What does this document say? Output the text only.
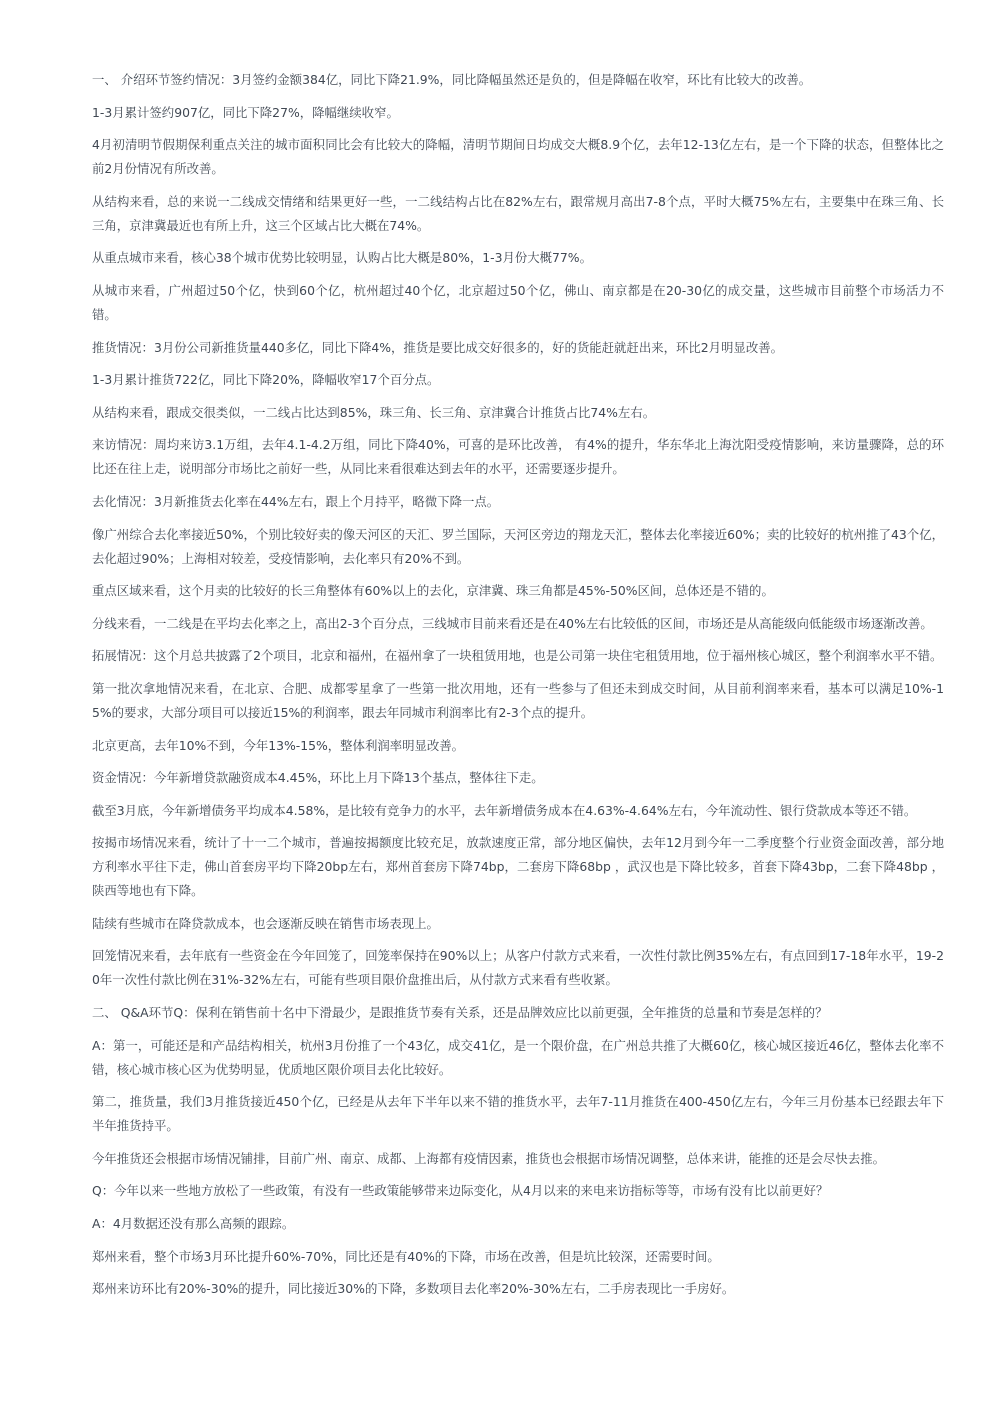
一、 介绍环节签约情况：3月签约金额384亿，同比下降21.9%，同比降幅虽然还是负的，但是降幅在收窄，环比有比较大的改善。

1-3月累计签约907亿，同比下降27%，降幅继续收窄。

4月初清明节假期保利重点关注的城市面积同比会有比较大的降幅，清明节期间日均成交大概8.9个亿，去年12-13亿左右，是一个下降的状态，但整体比之前2月份情况有所改善。

从结构来看，总的来说一二线成交情绪和结果更好一些，一二线结构占比在82%左右，跟常规月高出7-8个点，平时大概75%左右，主要集中在珠三角、长三角，京津冀最近也有所上升，这三个区域占比大概在74%。

从重点城市来看，核心38个城市优势比较明显，认购占比大概是80%，1-3月份大概77%。

从城市来看，广州超过50个亿，快到60个亿，杭州超过40个亿，北京超过50个亿，佛山、南京都是在20-30亿的成交量，这些城市目前整个市场活力不错。

推货情况：3月份公司新推货量440多亿，同比下降4%，推货是要比成交好很多的，好的货能赶就赶出来，环比2月明显改善。

1-3月累计推货722亿，同比下降20%，降幅收窄17个百分点。

从结构来看，跟成交很类似，一二线占比达到85%，珠三角、长三角、京津冀合计推货占比74%左右。

来访情况：周均来访3.1万组，去年4.1-4.2万组，同比下降40%，可喜的是环比改善， 有4%的提升，华东华北上海沈阳受疫情影响，来访量骤降，总的环比还在往上走，说明部分市场比之前好一些，从同比来看很难达到去年的水平，还需要逐步提升。

去化情况：3月新推货去化率在44%左右，跟上个月持平，略微下降一点。

像广州综合去化率接近50%，个别比较好卖的像天河区的天汇、罗兰国际，天河区旁边的翔龙天汇，整体去化率接近60%；卖的比较好的杭州推了43个亿，去化超过90%；上海相对较差，受疫情影响，去化率只有20%不到。

重点区域来看，这个月卖的比较好的长三角整体有60%以上的去化，京津冀、珠三角都是45%-50%区间，总体还是不错的。

分线来看，一二线是在平均去化率之上，高出2-3个百分点，三线城市目前来看还是在40%左右比较低的区间，市场还是从高能级向低能级市场逐渐改善。

拓展情况：这个月总共披露了2个项目，北京和福州，在福州拿了一块租赁用地，也是公司第一块住宅租赁用地，位于福州核心城区，整个利润率水平不错。

第一批次拿地情况来看，在北京、合肥、成都零星拿了一些第一批次用地，还有一些参与了但还未到成交时间，从目前利润率来看，基本可以满足10%-15%的要求，大部分项目可以接近15%的利润率，跟去年同城市利润率比有2-3个点的提升。

北京更高，去年10%不到，今年13%-15%，整体利润率明显改善。

资金情况：今年新增贷款融资成本4.45%，环比上月下降13个基点，整体往下走。

截至3月底，今年新增债务平均成本4.58%，是比较有竞争力的水平，去年新增债务成本在4.63%-4.64%左右，今年流动性、银行贷款成本等还不错。

按揭市场情况来看，统计了十一二个城市，普遍按揭额度比较充足，放款速度正常，部分地区偏快，去年12月到今年一二季度整个行业资金面改善，部分地方利率水平往下走，佛山首套房平均下降20bp左右，郑州首套房下降74bp，二套房下降68bp ，武汉也是下降比较多，首套下降43bp，二套下降48bp ，陕西等地也有下降。

陆续有些城市在降贷款成本，也会逐渐反映在销售市场表现上。

回笼情况来看，去年底有一些资金在今年回笼了，回笼率保持在90%以上；从客户付款方式来看，一次性付款比例35%左右，有点回到17-18年水平，19-20年一次性付款比例在31%-32%左右，可能有些项目限价盘推出后，从付款方式来看有些收紧。

二、 Q&A环节Q：保利在销售前十名中下滑最少，是跟推货节奏有关系，还是品牌效应比以前更强，全年推货的总量和节奏是怎样的？

A：第一，可能还是和产品结构相关，杭州3月份推了一个43亿，成交41亿，是一个限价盘，在广州总共推了大概60亿，核心城区接近46亿，整体去化率不错，核心城市核心区为优势明显，优质地区限价项目去化比较好。

第二，推货量，我们3月推货接近450个亿，已经是从去年下半年以来不错的推货水平，去年7-11月推货在400-450亿左右，今年三月份基本已经跟去年下半年推货持平。

今年推货还会根据市场情况铺排，目前广州、南京、成都、上海都有疫情因素，推货也会根据市场情况调整，总体来讲，能推的还是会尽快去推。

Q：今年以来一些地方放松了一些政策，有没有一些政策能够带来边际变化，从4月以来的来电来访指标等等，市场有没有比以前更好？

A：4月数据还没有那么高频的跟踪。

郑州来看，整个市场3月环比提升60%-70%，同比还是有40%的下降，市场在改善，但是坑比较深，还需要时间。

郑州来访环比有20%-30%的提升，同比接近30%的下降，多数项目去化率20%-30%左右，二手房表现比一手房好。
